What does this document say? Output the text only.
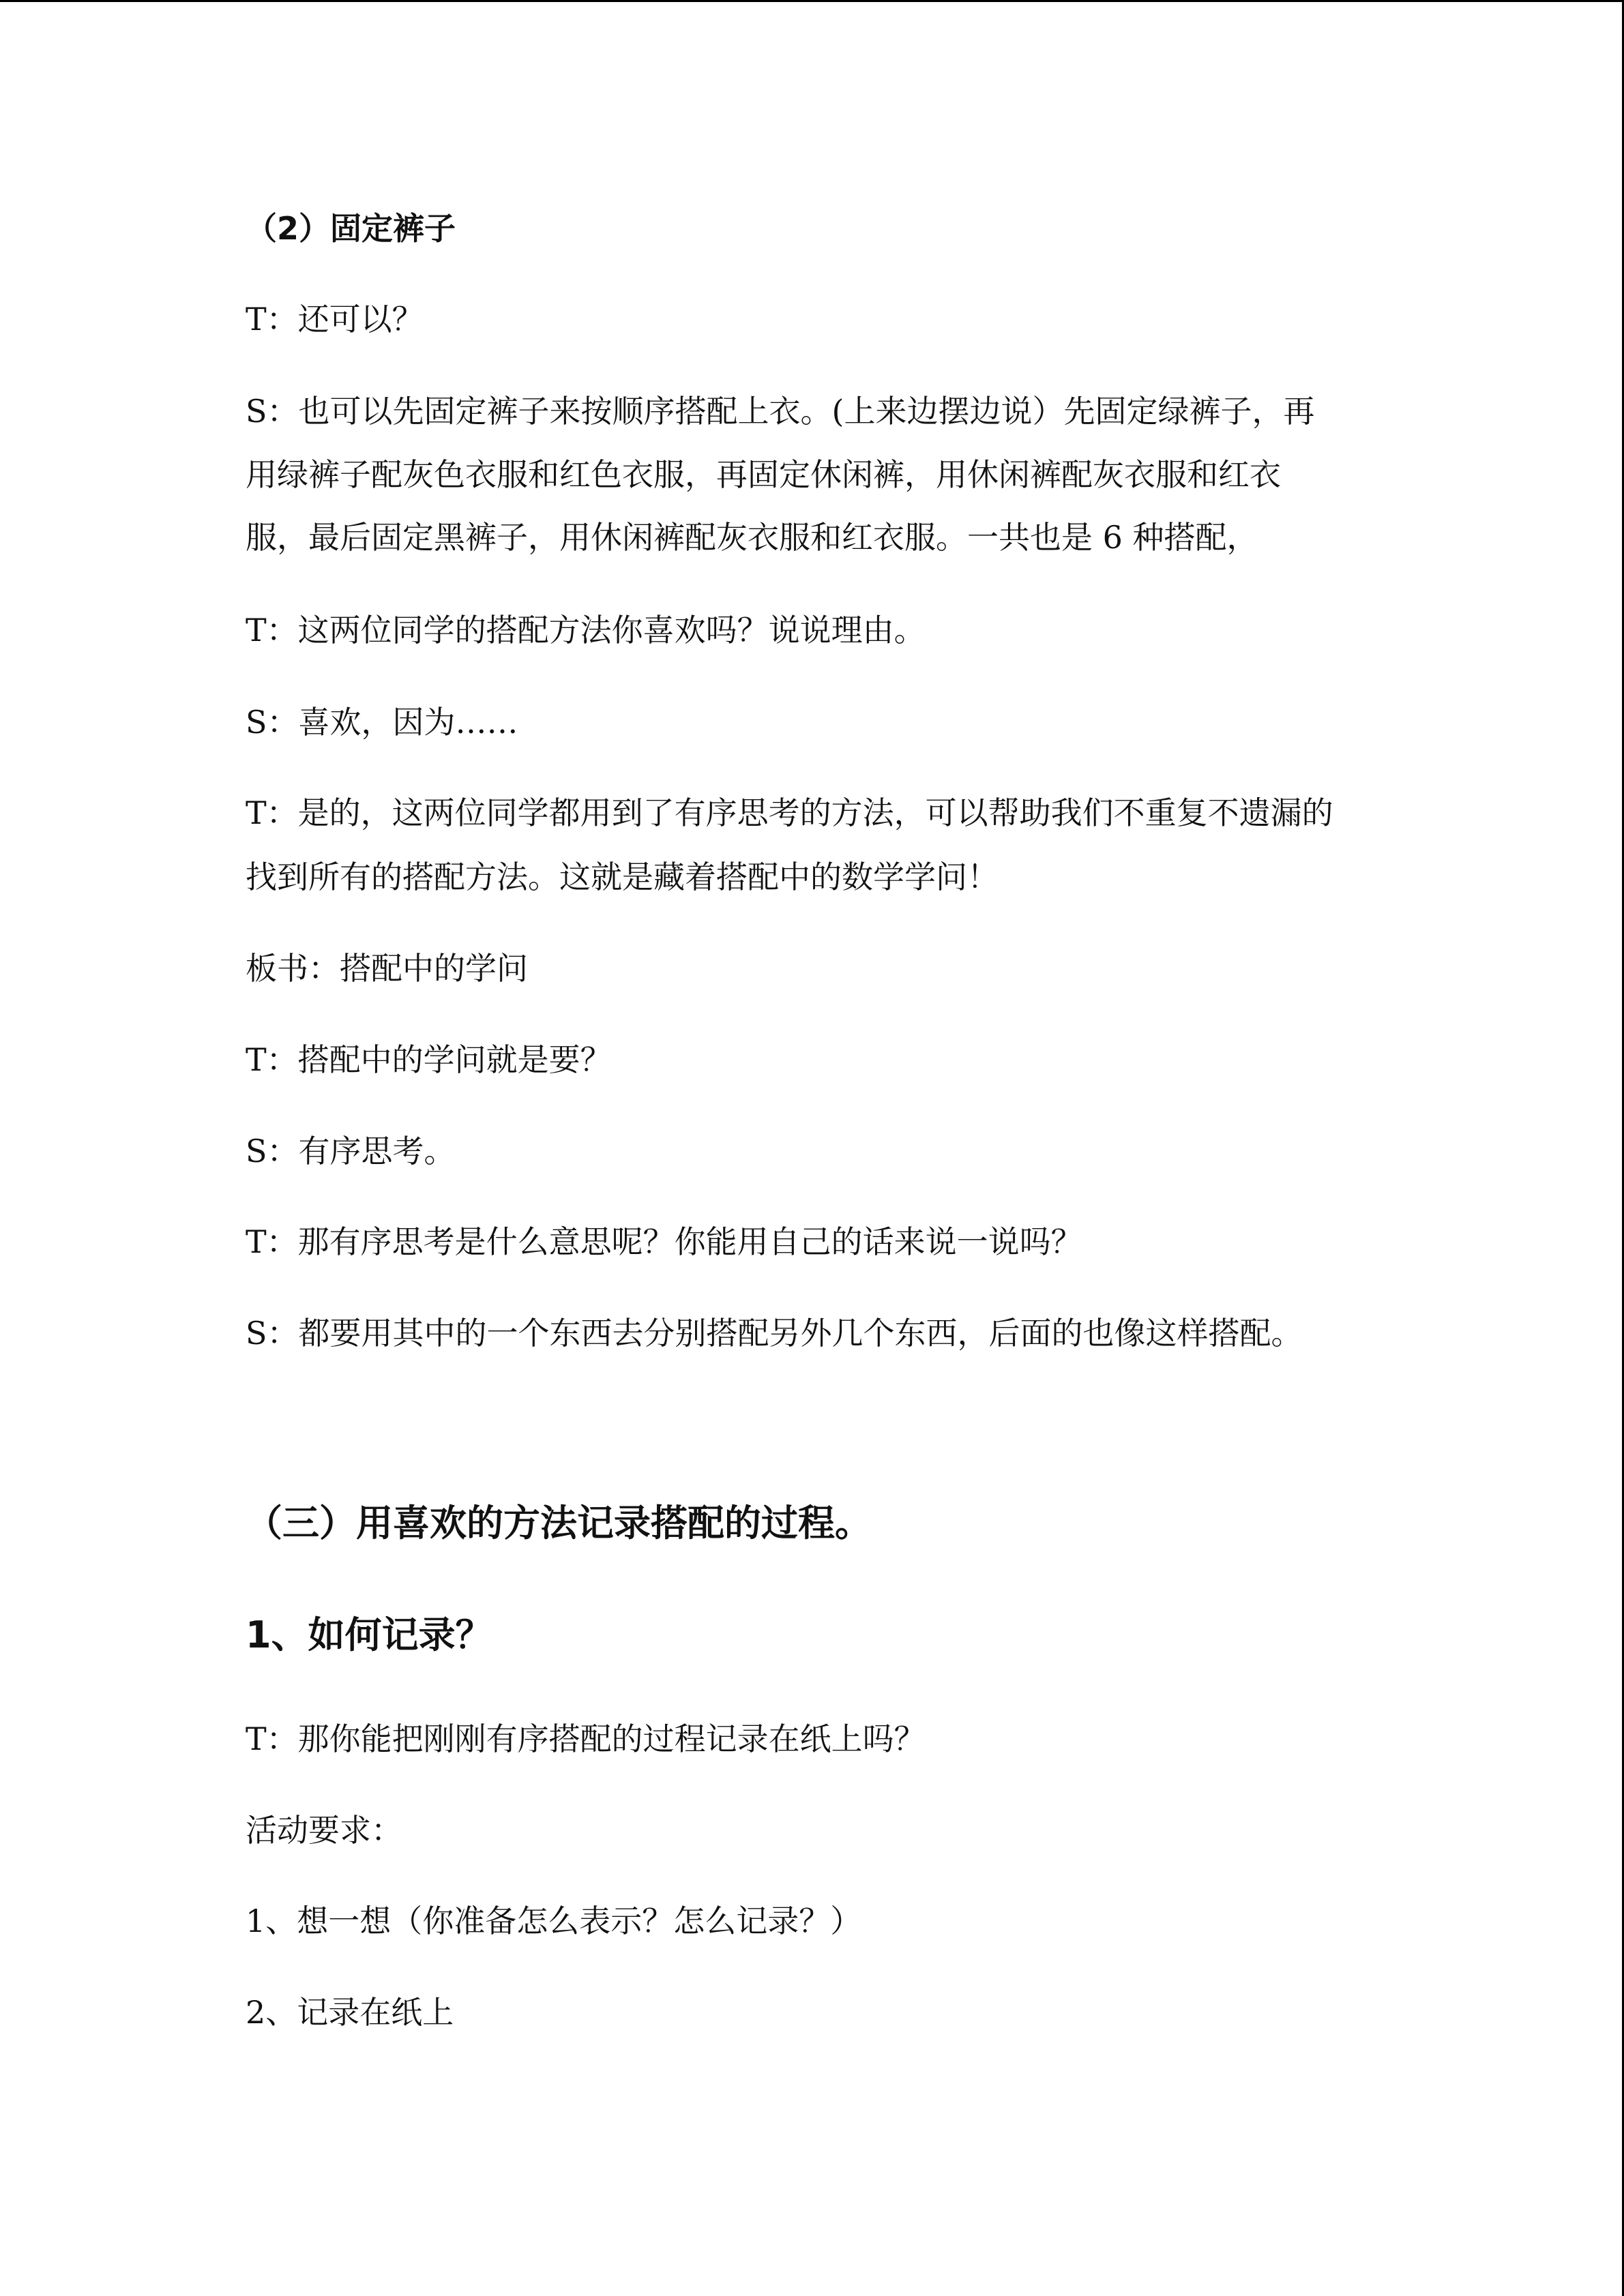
（2）固定裤子
T：还可以？
S：也可以先固定裤子来按顺序搭配上衣。(上来边摆边说）先固定绿裤子，再
用绿裤子配灰色衣服和红色衣服，再固定休闲裤，用休闲裤配灰衣服和红衣
服，最后固定黑裤子，用休闲裤配灰衣服和红衣服。一共也是 6 种搭配，
T：这两位同学的搭配方法你喜欢吗？说说理由。
S：喜欢，因为……
T：是的，这两位同学都用到了有序思考的方法，可以帮助我们不重复不遗漏的
找到所有的搭配方法。这就是藏着搭配中的数学学问！
板书：搭配中的学问
T：搭配中的学问就是要？
S：有序思考。
T：那有序思考是什么意思呢？你能用自己的话来说一说吗？
S：都要用其中的一个东西去分别搭配另外几个东西，后面的也像这样搭配。
（三）用喜欢的方法记录搭配的过程。
1、如何记录？
T：那你能把刚刚有序搭配的过程记录在纸上吗？
活动要求：
1、想一想（你准备怎么表示？怎么记录？）
2、记录在纸上
